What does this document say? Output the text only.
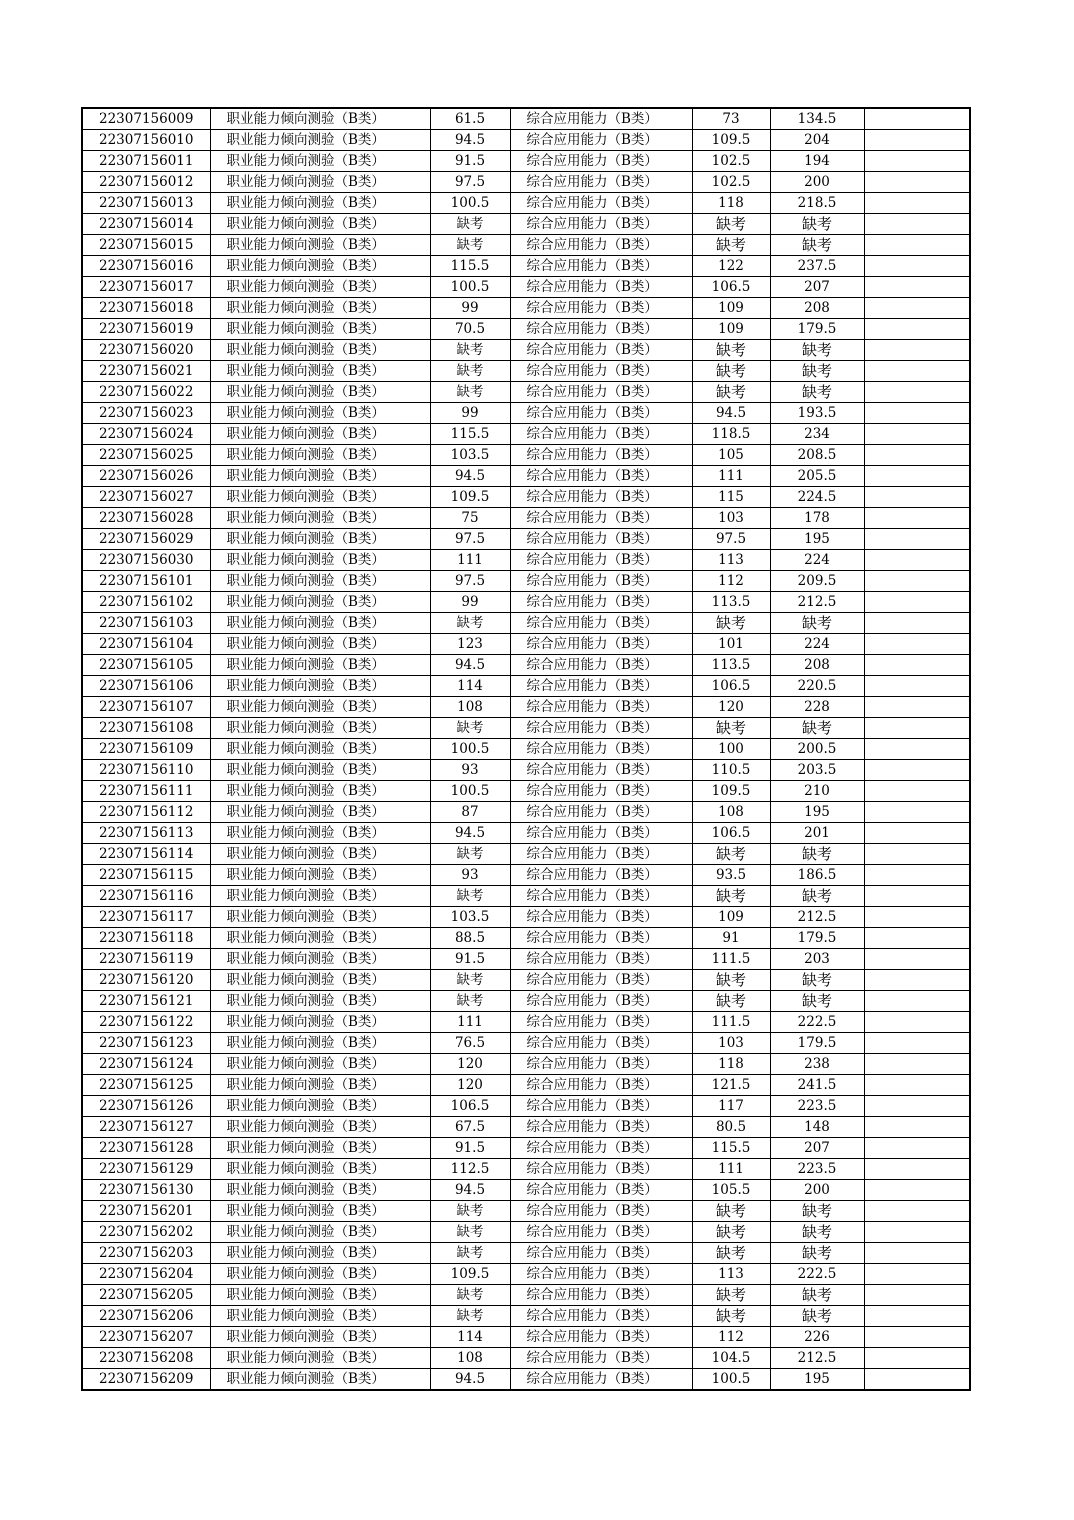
22307156009	职业能力倾向测验（B类）	61.5	综合应用能力（B类）	73	134.5	
22307156010	职业能力倾向测验（B类）	94.5	综合应用能力（B类）	109.5	204	
22307156011	职业能力倾向测验（B类）	91.5	综合应用能力（B类）	102.5	194	
22307156012	职业能力倾向测验（B类）	97.5	综合应用能力（B类）	102.5	200	
22307156013	职业能力倾向测验（B类）	100.5	综合应用能力（B类）	118	218.5	
22307156014	职业能力倾向测验（B类）	缺考	综合应用能力（B类）	缺考	缺考	
22307156015	职业能力倾向测验（B类）	缺考	综合应用能力（B类）	缺考	缺考	
22307156016	职业能力倾向测验（B类）	115.5	综合应用能力（B类）	122	237.5	
22307156017	职业能力倾向测验（B类）	100.5	综合应用能力（B类）	106.5	207	
22307156018	职业能力倾向测验（B类）	99	综合应用能力（B类）	109	208	
22307156019	职业能力倾向测验（B类）	70.5	综合应用能力（B类）	109	179.5	
22307156020	职业能力倾向测验（B类）	缺考	综合应用能力（B类）	缺考	缺考	
22307156021	职业能力倾向测验（B类）	缺考	综合应用能力（B类）	缺考	缺考	
22307156022	职业能力倾向测验（B类）	缺考	综合应用能力（B类）	缺考	缺考	
22307156023	职业能力倾向测验（B类）	99	综合应用能力（B类）	94.5	193.5	
22307156024	职业能力倾向测验（B类）	115.5	综合应用能力（B类）	118.5	234	
22307156025	职业能力倾向测验（B类）	103.5	综合应用能力（B类）	105	208.5	
22307156026	职业能力倾向测验（B类）	94.5	综合应用能力（B类）	111	205.5	
22307156027	职业能力倾向测验（B类）	109.5	综合应用能力（B类）	115	224.5	
22307156028	职业能力倾向测验（B类）	75	综合应用能力（B类）	103	178	
22307156029	职业能力倾向测验（B类）	97.5	综合应用能力（B类）	97.5	195	
22307156030	职业能力倾向测验（B类）	111	综合应用能力（B类）	113	224	
22307156101	职业能力倾向测验（B类）	97.5	综合应用能力（B类）	112	209.5	
22307156102	职业能力倾向测验（B类）	99	综合应用能力（B类）	113.5	212.5	
22307156103	职业能力倾向测验（B类）	缺考	综合应用能力（B类）	缺考	缺考	
22307156104	职业能力倾向测验（B类）	123	综合应用能力（B类）	101	224	
22307156105	职业能力倾向测验（B类）	94.5	综合应用能力（B类）	113.5	208	
22307156106	职业能力倾向测验（B类）	114	综合应用能力（B类）	106.5	220.5	
22307156107	职业能力倾向测验（B类）	108	综合应用能力（B类）	120	228	
22307156108	职业能力倾向测验（B类）	缺考	综合应用能力（B类）	缺考	缺考	
22307156109	职业能力倾向测验（B类）	100.5	综合应用能力（B类）	100	200.5	
22307156110	职业能力倾向测验（B类）	93	综合应用能力（B类）	110.5	203.5	
22307156111	职业能力倾向测验（B类）	100.5	综合应用能力（B类）	109.5	210	
22307156112	职业能力倾向测验（B类）	87	综合应用能力（B类）	108	195	
22307156113	职业能力倾向测验（B类）	94.5	综合应用能力（B类）	106.5	201	
22307156114	职业能力倾向测验（B类）	缺考	综合应用能力（B类）	缺考	缺考	
22307156115	职业能力倾向测验（B类）	93	综合应用能力（B类）	93.5	186.5	
22307156116	职业能力倾向测验（B类）	缺考	综合应用能力（B类）	缺考	缺考	
22307156117	职业能力倾向测验（B类）	103.5	综合应用能力（B类）	109	212.5	
22307156118	职业能力倾向测验（B类）	88.5	综合应用能力（B类）	91	179.5	
22307156119	职业能力倾向测验（B类）	91.5	综合应用能力（B类）	111.5	203	
22307156120	职业能力倾向测验（B类）	缺考	综合应用能力（B类）	缺考	缺考	
22307156121	职业能力倾向测验（B类）	缺考	综合应用能力（B类）	缺考	缺考	
22307156122	职业能力倾向测验（B类）	111	综合应用能力（B类）	111.5	222.5	
22307156123	职业能力倾向测验（B类）	76.5	综合应用能力（B类）	103	179.5	
22307156124	职业能力倾向测验（B类）	120	综合应用能力（B类）	118	238	
22307156125	职业能力倾向测验（B类）	120	综合应用能力（B类）	121.5	241.5	
22307156126	职业能力倾向测验（B类）	106.5	综合应用能力（B类）	117	223.5	
22307156127	职业能力倾向测验（B类）	67.5	综合应用能力（B类）	80.5	148	
22307156128	职业能力倾向测验（B类）	91.5	综合应用能力（B类）	115.5	207	
22307156129	职业能力倾向测验（B类）	112.5	综合应用能力（B类）	111	223.5	
22307156130	职业能力倾向测验（B类）	94.5	综合应用能力（B类）	105.5	200	
22307156201	职业能力倾向测验（B类）	缺考	综合应用能力（B类）	缺考	缺考	
22307156202	职业能力倾向测验（B类）	缺考	综合应用能力（B类）	缺考	缺考	
22307156203	职业能力倾向测验（B类）	缺考	综合应用能力（B类）	缺考	缺考	
22307156204	职业能力倾向测验（B类）	109.5	综合应用能力（B类）	113	222.5	
22307156205	职业能力倾向测验（B类）	缺考	综合应用能力（B类）	缺考	缺考	
22307156206	职业能力倾向测验（B类）	缺考	综合应用能力（B类）	缺考	缺考	
22307156207	职业能力倾向测验（B类）	114	综合应用能力（B类）	112	226	
22307156208	职业能力倾向测验（B类）	108	综合应用能力（B类）	104.5	212.5	
22307156209	职业能力倾向测验（B类）	94.5	综合应用能力（B类）	100.5	195	
